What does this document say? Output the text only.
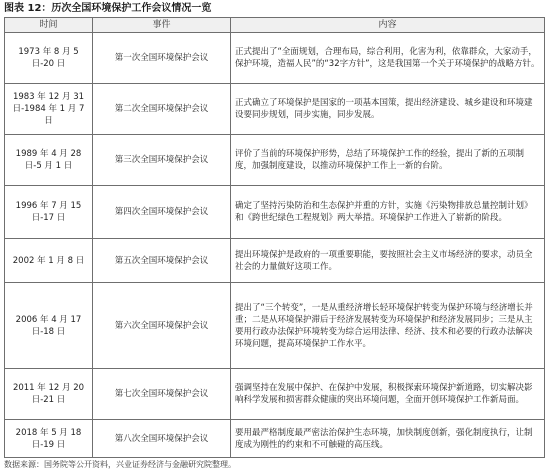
图表 12：历次全国环境保护工作会议情况一览
时间	事件	内容
1973 年 8 月 5 日-20 日	第一次全国环境保护会议	正式提出了“全面规划，合理布局，综合利用，化害为利，依靠群众，大家动手，保护环境，造福人民”的“32字方针”，这是我国第一个关于环境保护的战略方针。
1983 年 12 月 31 日-1984 年 1 月 7 日	第二次全国环境保护会议	正式确立了环境保护是国家的一项基本国策，提出经济建设、城乡建设和环境建设要同步规划，同步实施，同步发展。
1989 年 4 月 28 日-5 月 1 日	第三次全国环境保护会议	评价了当前的环境保护形势，总结了环境保护工作的经验，提出了新的五项制度，加强制度建设，以推动环境保护工作上一新的台阶。
1996 年 7 月 15 日-17 日	第四次全国环境保护会议	确定了坚持污染防治和生态保护并重的方针，实施《污染物排放总量控制计划》和《跨世纪绿色工程规划》两大举措。环境保护工作进入了崭新的阶段。
2002 年 1 月 8 日	第五次全国环境保护会议	提出环境保护是政府的一项重要职能，要按照社会主义市场经济的要求，动员全社会的力量做好这项工作。
2006 年 4 月 17 日-18 日	第六次全国环境保护会议	提出了“三个转变”，一是从重经济增长轻环境保护转变为保护环境与经济增长并重；二是从环境保护滞后于经济发展转变为环境保护和经济发展同步；三是从主要用行政办法保护环境转变为综合运用法律、经济、技术和必要的行政办法解决环境问题，提高环境保护工作水平。
2011 年 12 月 20 日-21 日	第七次全国环境保护会议	强调坚持在发展中保护、在保护中发展，积极探索环境保护新道路，切实解决影响科学发展和损害群众健康的突出环境问题，全面开创环境保护工作新局面。
2018 年 5 月 18 日-19 日	第八次全国环境保护会议	要用最严格制度最严密法治保护生态环境，加快制度创新，强化制度执行，让制度成为刚性的约束和不可触碰的高压线。
数据来源：国务院等公开资料，兴业证券经济与金融研究院整理。
